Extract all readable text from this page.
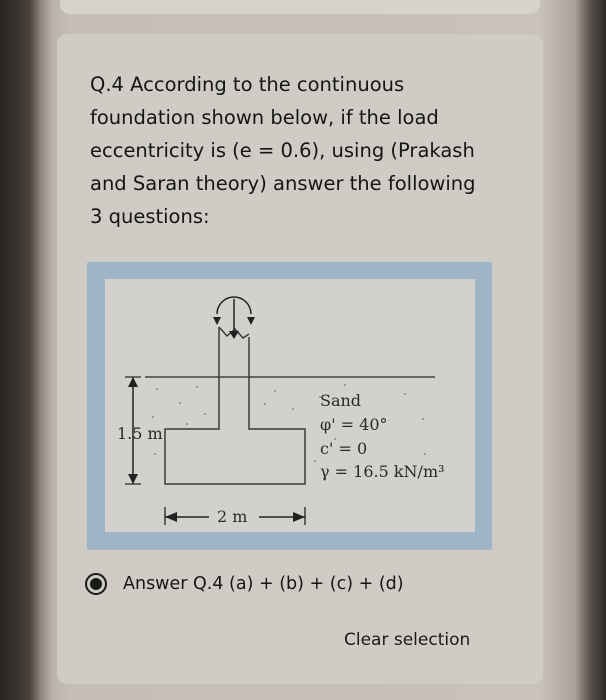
Q.4 According to the continuous
foundation shown below, if the load
eccentricity is (e = 0.6), using (Prakash
and Saran theory) answer the following
3 questions:

1.5 m
2 m
Sand
φ' = 40°
c' = 0
γ = 16.5 kN/m³
Answer Q.4 (a) + (b) + (c) + (d)
Clear selection
